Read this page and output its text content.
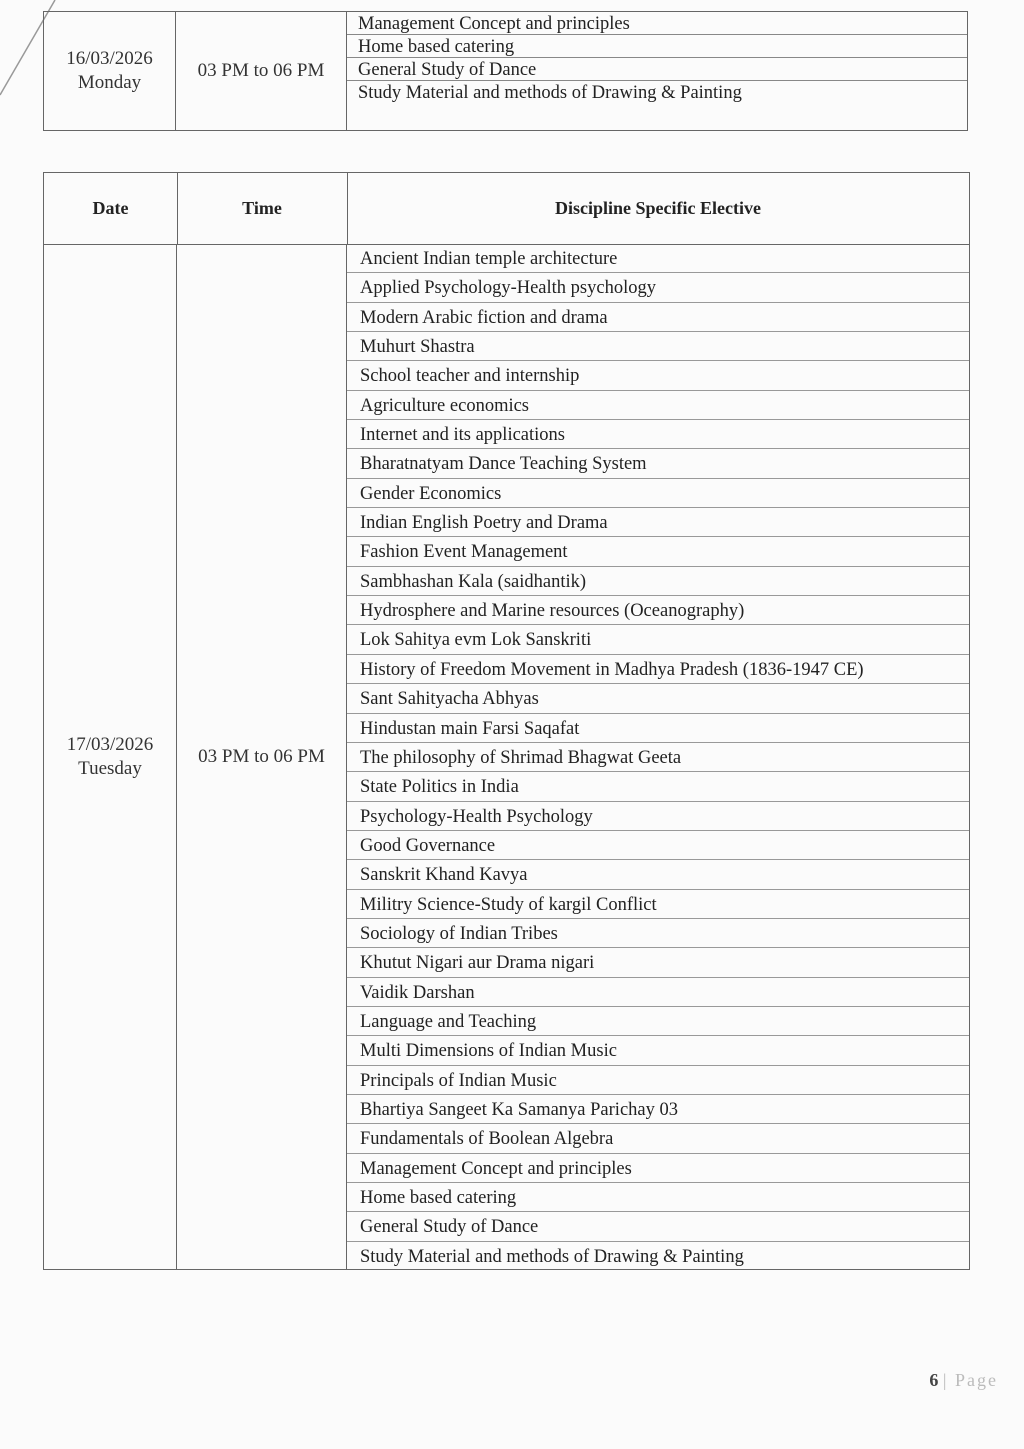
16/03/2026
Monday
03 PM to 06 PM
Management Concept and principles
Home based catering
General Study of Dance
Study Material and methods of Drawing & Painting
Date	Time	Discipline Specific Elective
17/03/2026
Tuesday
03 PM to 06 PM
Ancient Indian temple architecture
Applied Psychology-Health psychology
Modern Arabic fiction and drama
Muhurt Shastra
School teacher and internship
Agriculture economics
Internet and its applications
Bharatnatyam Dance Teaching System
Gender Economics
Indian English Poetry and Drama
Fashion Event Management
Sambhashan Kala (saidhantik)
Hydrosphere and Marine resources (Oceanography)
Lok Sahitya evm Lok Sanskriti
History of Freedom Movement in Madhya Pradesh (1836-1947 CE)
Sant Sahityacha Abhyas
Hindustan main Farsi Saqafat
The philosophy of Shrimad Bhagwat Geeta
State Politics in India
Psychology-Health Psychology
Good Governance
Sanskrit Khand Kavya
Militry Science-Study of kargil Conflict
Sociology of Indian Tribes
Khutut Nigari aur Drama nigari
Vaidik Darshan
Language and Teaching
Multi Dimensions of Indian Music
Principals of Indian Music
Bhartiya Sangeet Ka Samanya Parichay 03
Fundamentals of Boolean Algebra
Management Concept and principles
Home based catering
General Study of Dance
Study Material and methods of Drawing & Painting
6 | Page
